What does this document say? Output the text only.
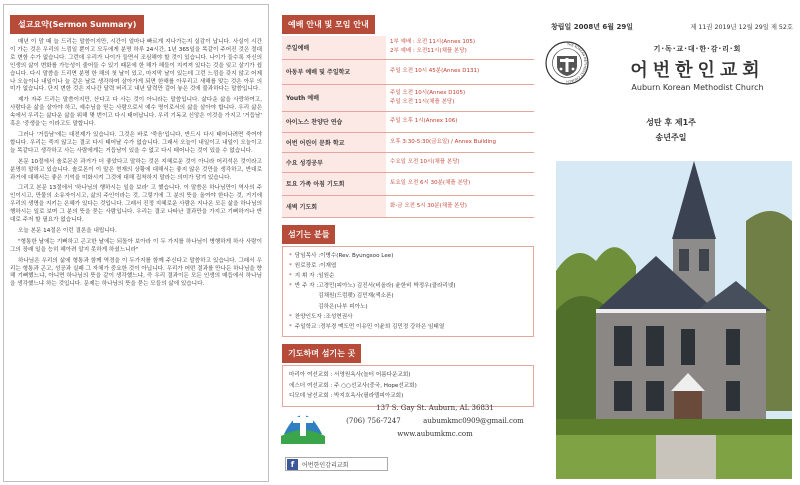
설교요약(Sermon Summary)

매년 이 맘 때 늘 드리는 말씀이지만, 시간이 얼마나 빠르게 지나가는지 실감이 납니다. 사실이 시간이 가는 것은 우리의 느낌일 뿐이고 모두에게 분명 하루 24시간, 1년 365일을 똑같이 주어진 것은 절대로 변함 수가 없습니다. 그런데 우리가 나이가 들면서 조심해야 할 것이 있습니다. 나이가 들수록 자신의 인생의 삶이 변화를 가능성이 줄어들 수 있기 때문에 한 해가 헤들이 지켜져 있다는 것을 잊고 살기가 쉽습니다. 다시 말씀을 드리면 분명 한 해의 첫 날이 있고, 마지막 날이 있는데 그런 느낌을 갖지 않고 어제나 오늘이나 내일이나 늘 같은 날로 생각하며 살아가게 되면 한해를 아무리고 새해를 맞는 것은 아무 의미가 없습니다. 단지 변한 것은 지나간 달력 버리고 내년 달력만 걸어 놓은 것에 불과하다는 말씀입니다.

제가 자주 드리는 말씀이지만, 산다고 다 사는 것이 아니라는 말씀입니다. 삶다운 삶을 사랑하여고, 사람다운 삶을 살아야 하고, 예수님을 믿는 사람으로서 예수 명이로서의 삶을 살아야 합니다. 우리 삶은 속에서 우리는 삶다운 삶을 위해 몇 번이고 다시 태어납니다. 우리 기독교 신앙은 이것을 가지고 '거듭남' 혹은 '중생을'는 이라고도 말합니다.

그러나 '거듭남'에는 대전제가 있습니다. 그것은 바로 '죽음'입니다, 반드시 다시 태어나려면 죽여야 합니다. 우리는 죽지 않고는 결코 다시 태어날 수가 없습니다. 그래서 오늘이 내일이고 내일이 오늘이고 늘 똑같다고 생각하고 사는 사람에게는 거듭남이 있을 수 없고 다시 태어나는 것이 있을 수 없습니다.

본문 10절에서 솔로몬은 과거가 더 좋았다고 말하는 것은 지혜로운 것이 아니라 어리석은 것이라고 분명히 말하고 있습니다. 솔로몬이 이 말은 현재의 상황에 대해서는 좋지 않은 것만을 생각하고, 반대로 과거에 대해서는 좋은 기억을 미화시켜 그것에 대해 집착하지 말라는 의미가 담겨 있습니다.

그리고 본문 13절에서 '하나님의 행하시는 일을 보라' 고 했습니다. 이 말씀은 하나님만이 역사의 주인이시고, 만물의 소유자이시고, 삶의 주인이라는 것, 그렇기에 그 분의 뜻을 올여야 한다는 것, 거기에 우리의 생명을 지키는 은혜가 있다는 것입니다. 그래서 진정 지혜로운 사람은 지나온 모든 삶을 하나님의 행하시는 일로 보며 그 분의 뜻을 묻는 사람입니다. 우리는 결코 나타난 결과만을 가지고 기뻐하거나 반대로 주저 할 필요가 없습니다.

오늘 본문 14절은 이런 결론을 내립니다.

"형통한 날에는 기뻐하고 곤고한 날에는 되돌아 보아라 이 두 가지를 하나님이 병행하게 하사 사람이 그의 장래 일을 능히 헤아려 알지 못하게 하셨느니라"

하나님은 우리의 삶에 형통과 함께 역경을 이 두가지를 함께 주신다고 말씀하고 있습니다. 그래서 우리는 형통과 곤고, 성공과 실패 그 자체가 중요한 것이 아닙니다. 우리가 어떤 결과를 만나든 하나님을 향해 기뻐했느냐, 아니면 하나님의 뜻을 같이 생각했느냐, 즉 우리 결과이든 모든 인생의 매듭에서 하나님을 생각했느냐 하는 것입니다. 문제는 하나님의 뜻을 묻는 모들의 삶에 있습니다.

예배 안내 및 모임 안내
주일예배	1부 예배 : 오전 11시(Annex 105)
2부 예배 : 오전11시(채플 본당)

아동부 예배 및 주일학교	주일 오전 10시 45분(Annex D131)

Youth 예배	주일 오전 10시(Annex D105)
주일 오전 11시(채플 본당)

아이노스 찬양단 연습	주일 오후 1시(Annex 106)

어번 어린이 문화 학교	오후 3:30-5:30(금요일) / Annex Building

수요 성경공부	수요일 오전 10시(채플 본당)

토요 가족 아침 기도회	토요일 오전 6시 30분(채플 본당)

새벽 기도회	화-금 오전 5시 30분(채플 본당)
섬기는 분들
* 담임목사 : 이병수(Rev. Byungsoo Lee)
* 원로장로 : 이재엽
* 지 휘 자 : 임원순
* 반 주 자 : 고경민(피아노) 김진서(비올라) 윤한비 박정우(클라리넷)
김채원(드럼펫) 김민재(색소폰)
김하은(나부 피아노)
* 찬양인도자 : 조성현권사
* 주일학교 : 정부경 맥도먼 이유민 이윤희 김민정 강하은 임태열
기도하며 섬기는 곳
마리아 여선교회 : 서영원옥사(놀터 어름다운교회)
에스더 여선교회 : 주 ○○선교사(중국, Hope선교회)
디모데 남선교회 : 박지호옥사(필라델피아교회)
137 S. Gay St. Auburn, AL 36831
(706) 756-7247	aubumkmc0909@gmail.com
www.aubumkmc.com
f	어번한인감리교회
창립일 2008년 6월 29일	제 11권 2019년 12월 29일 제 52호
THE KOREAN METHODIST CHURCH
기·독·교·대·한·감·리·회
어번한인교회
Auburn Korean Methodist Church
성탄 후 제1주
송년주일
